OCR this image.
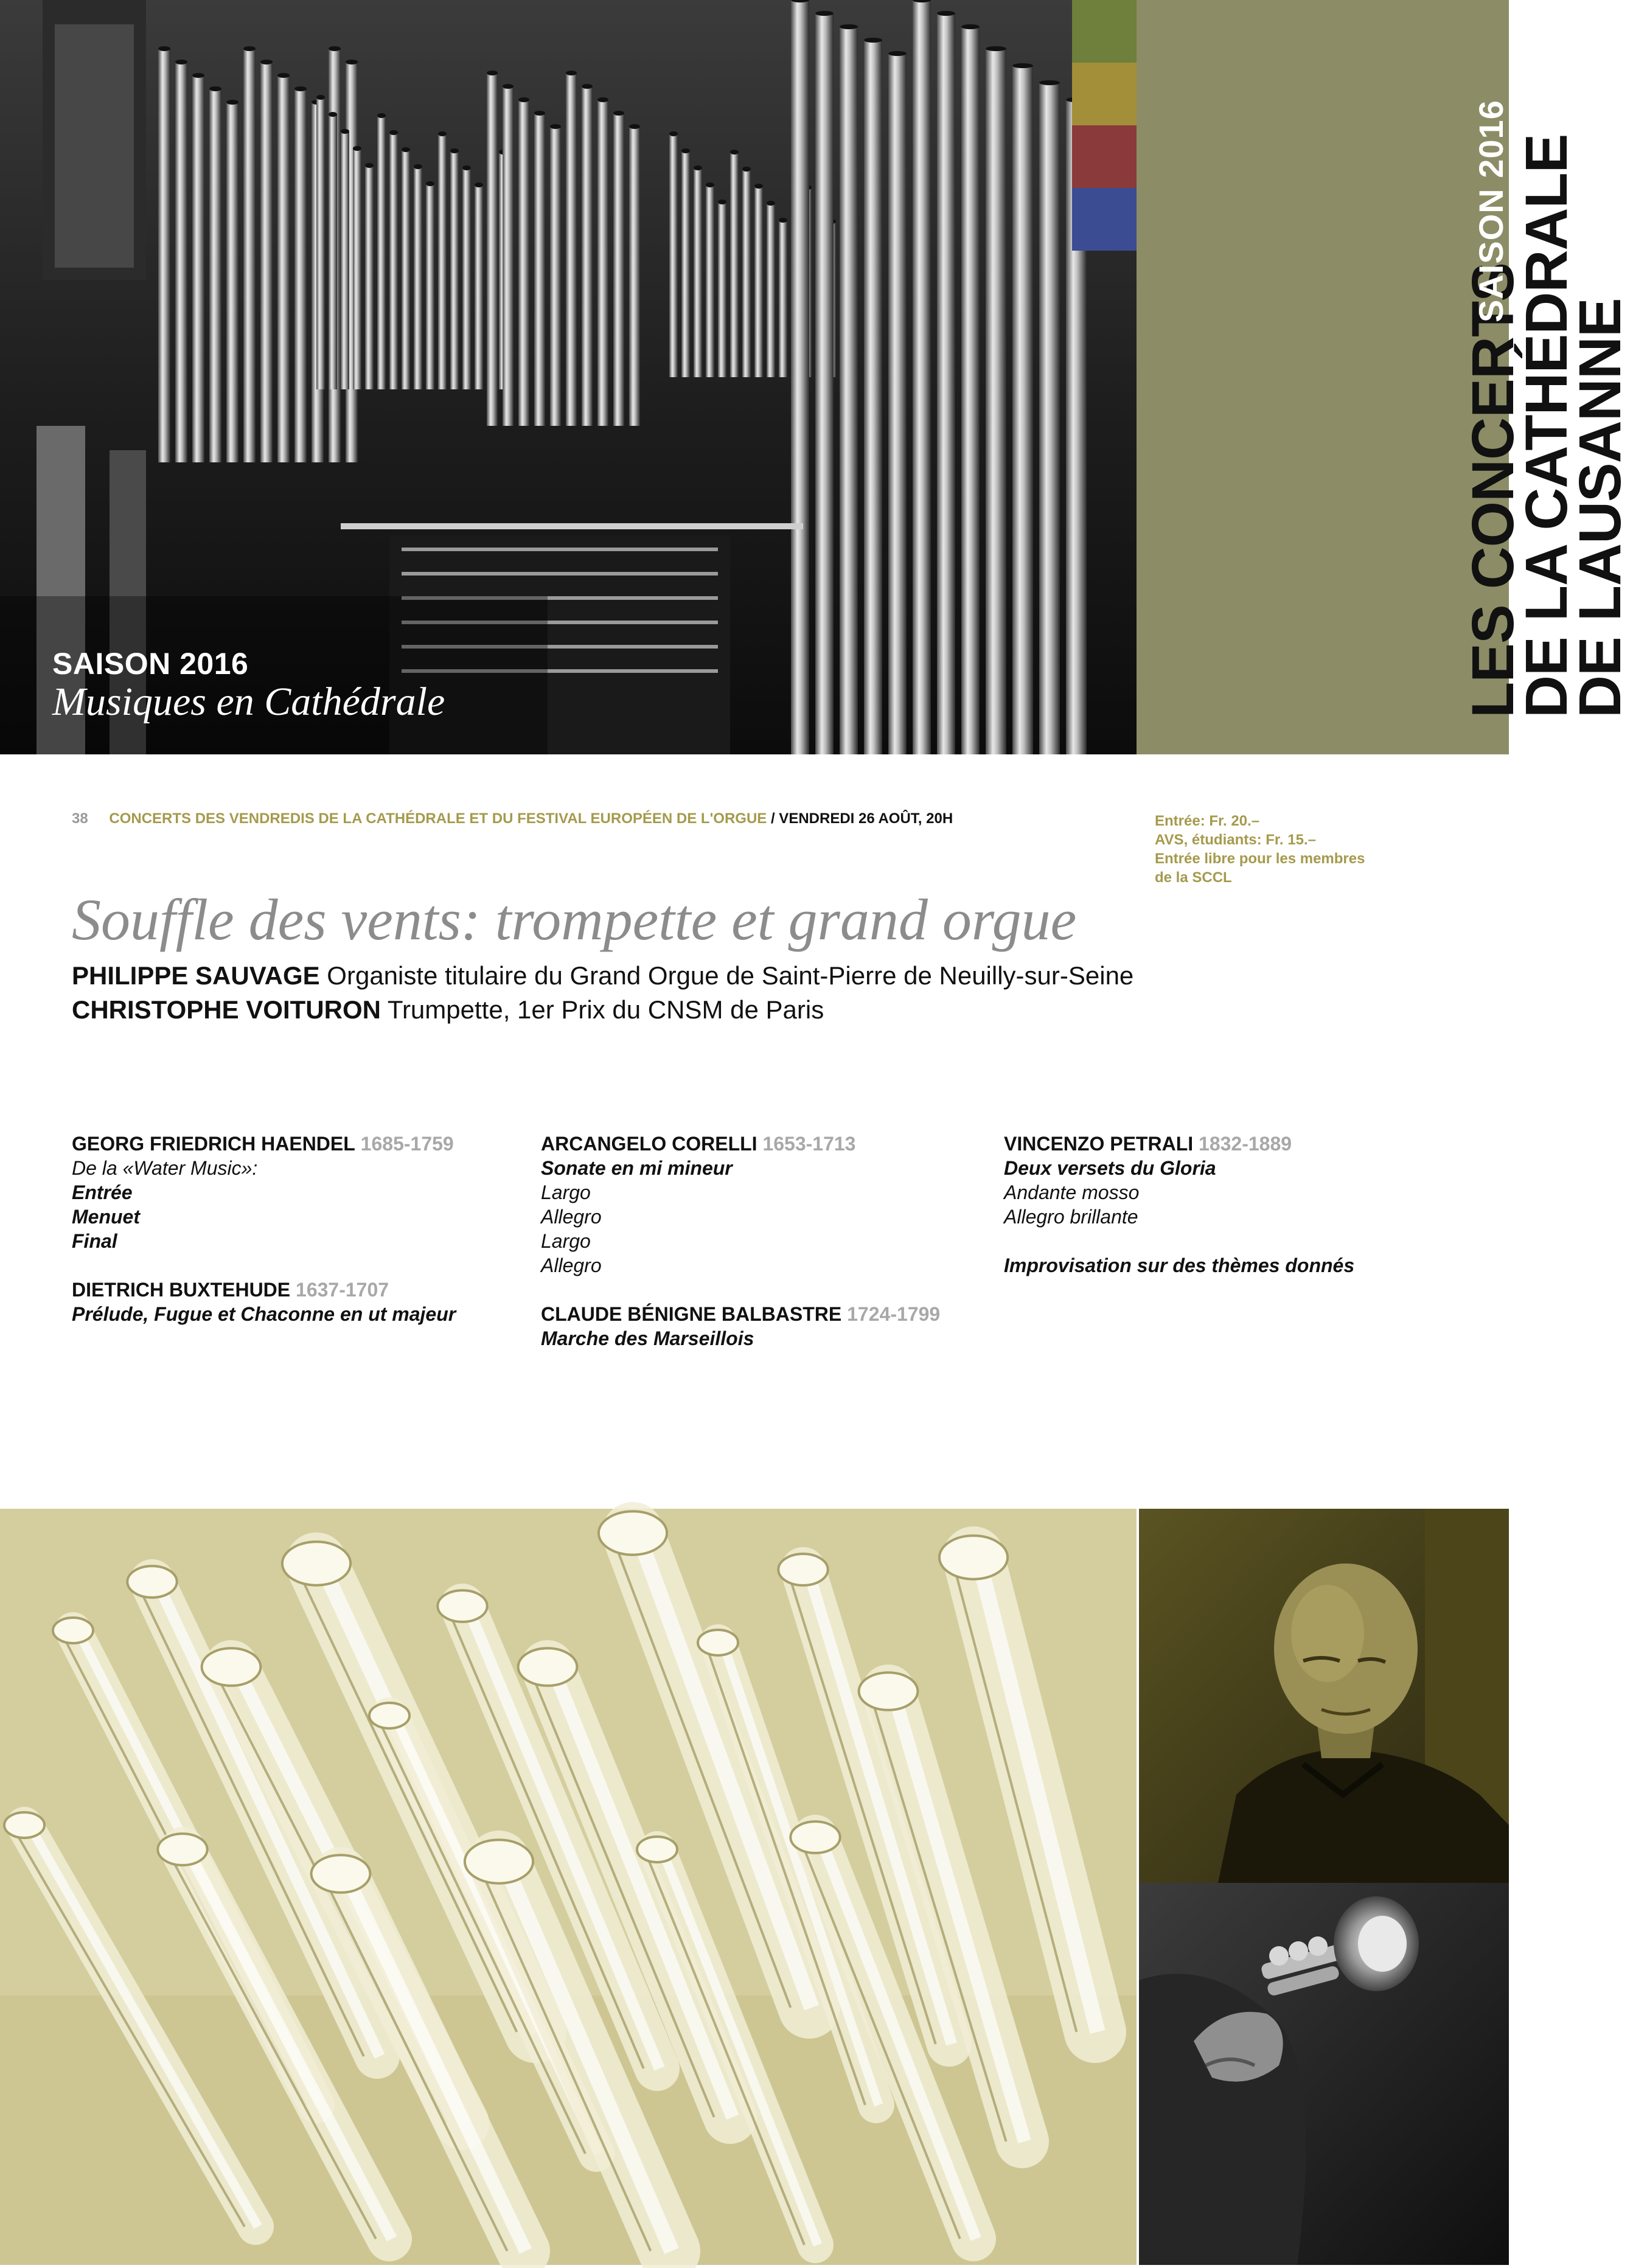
SAISON 2016
Musiques en Cathédrale	LES CONCERTS
DE LA CATHÉDRALE
DE LAUSANNE
SAISON 2016
38 CONCERTS DES VENDREDIS DE LA CATHÉDRALE ET DU FESTIVAL EUROPÉEN DE L'ORGUE / VENDREDI 26 AOÛT, 20H	Entrée: Fr. 20.–
AVS, étudiants: Fr. 15.–
Entrée libre pour les membres
de la SCCL
Souffle des vents: trompette et grand orgue
PHILIPPE SAUVAGE Organiste titulaire du Grand Orgue de Saint-Pierre de Neuilly-sur-Seine
CHRISTOPHE VOITURON Trumpette, 1er Prix du CNSM de Paris
GEORG FRIEDRICH HAENDEL 1685-1759
De la «Water Music»:
Entrée
Menuet
Final
DIETRICH BUXTEHUDE 1637-1707
Prélude, Fugue et Chaconne en ut majeur
ARCANGELO CORELLI 1653-1713
Sonate en mi mineur
Largo
Allegro
Largo
Allegro
CLAUDE BÉNIGNE BALBASTRE 1724-1799
Marche des Marseillois
VINCENZO PETRALI 1832-1889
Deux versets du Gloria
Andante mosso
Allegro brillante
Improvisation sur des thèmes donnés
